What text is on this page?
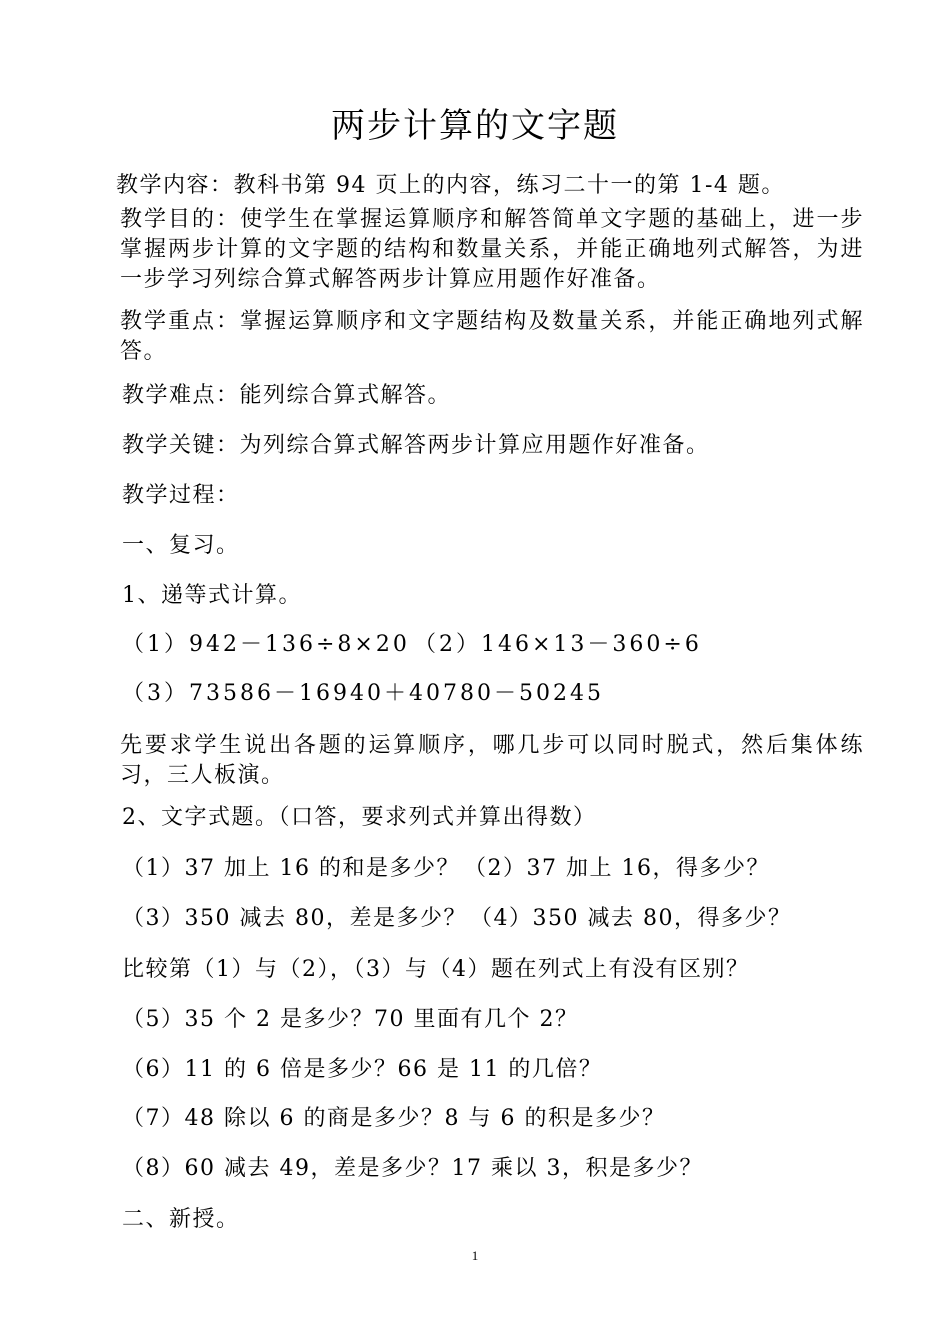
两步计算的文字题
教学内容：教科书第 94 页上的内容，练习二十一的第 1-4 题。
教学目的：使学生在掌握运算顺序和解答简单文字题的基础上，进一步掌握两步计算的文字题的结构和数量关系，并能正确地列式解答，为进一步学习列综合算式解答两步计算应用题作好准备。
教学重点：掌握运算顺序和文字题结构及数量关系，并能正确地列式解答。
教学难点：能列综合算式解答。
教学关键：为列综合算式解答两步计算应用题作好准备。
教学过程：
一、复习。
1、递等式计算。
（1）942－136÷8×20 （2）146×13－360÷6
（3）73586－16940＋40780－50245
先要求学生说出各题的运算顺序，哪几步可以同时脱式，然后集体练习，三人板演。
2、文字式题。（口答，要求列式并算出得数）
（1）37 加上 16 的和是多少？ （2）37 加上 16，得多少？
（3）350 减去 80，差是多少？ （4）350 减去 80，得多少？
比较第（1）与（2），（3）与（4）题在列式上有没有区别？
（5）35 个 2 是多少？70 里面有几个 2？
（6）11 的 6 倍是多少？66 是 11 的几倍？
（7）48 除以 6 的商是多少？8 与 6 的积是多少？
（8）60 减去 49，差是多少？17 乘以 3，积是多少？
二、新授。
1
